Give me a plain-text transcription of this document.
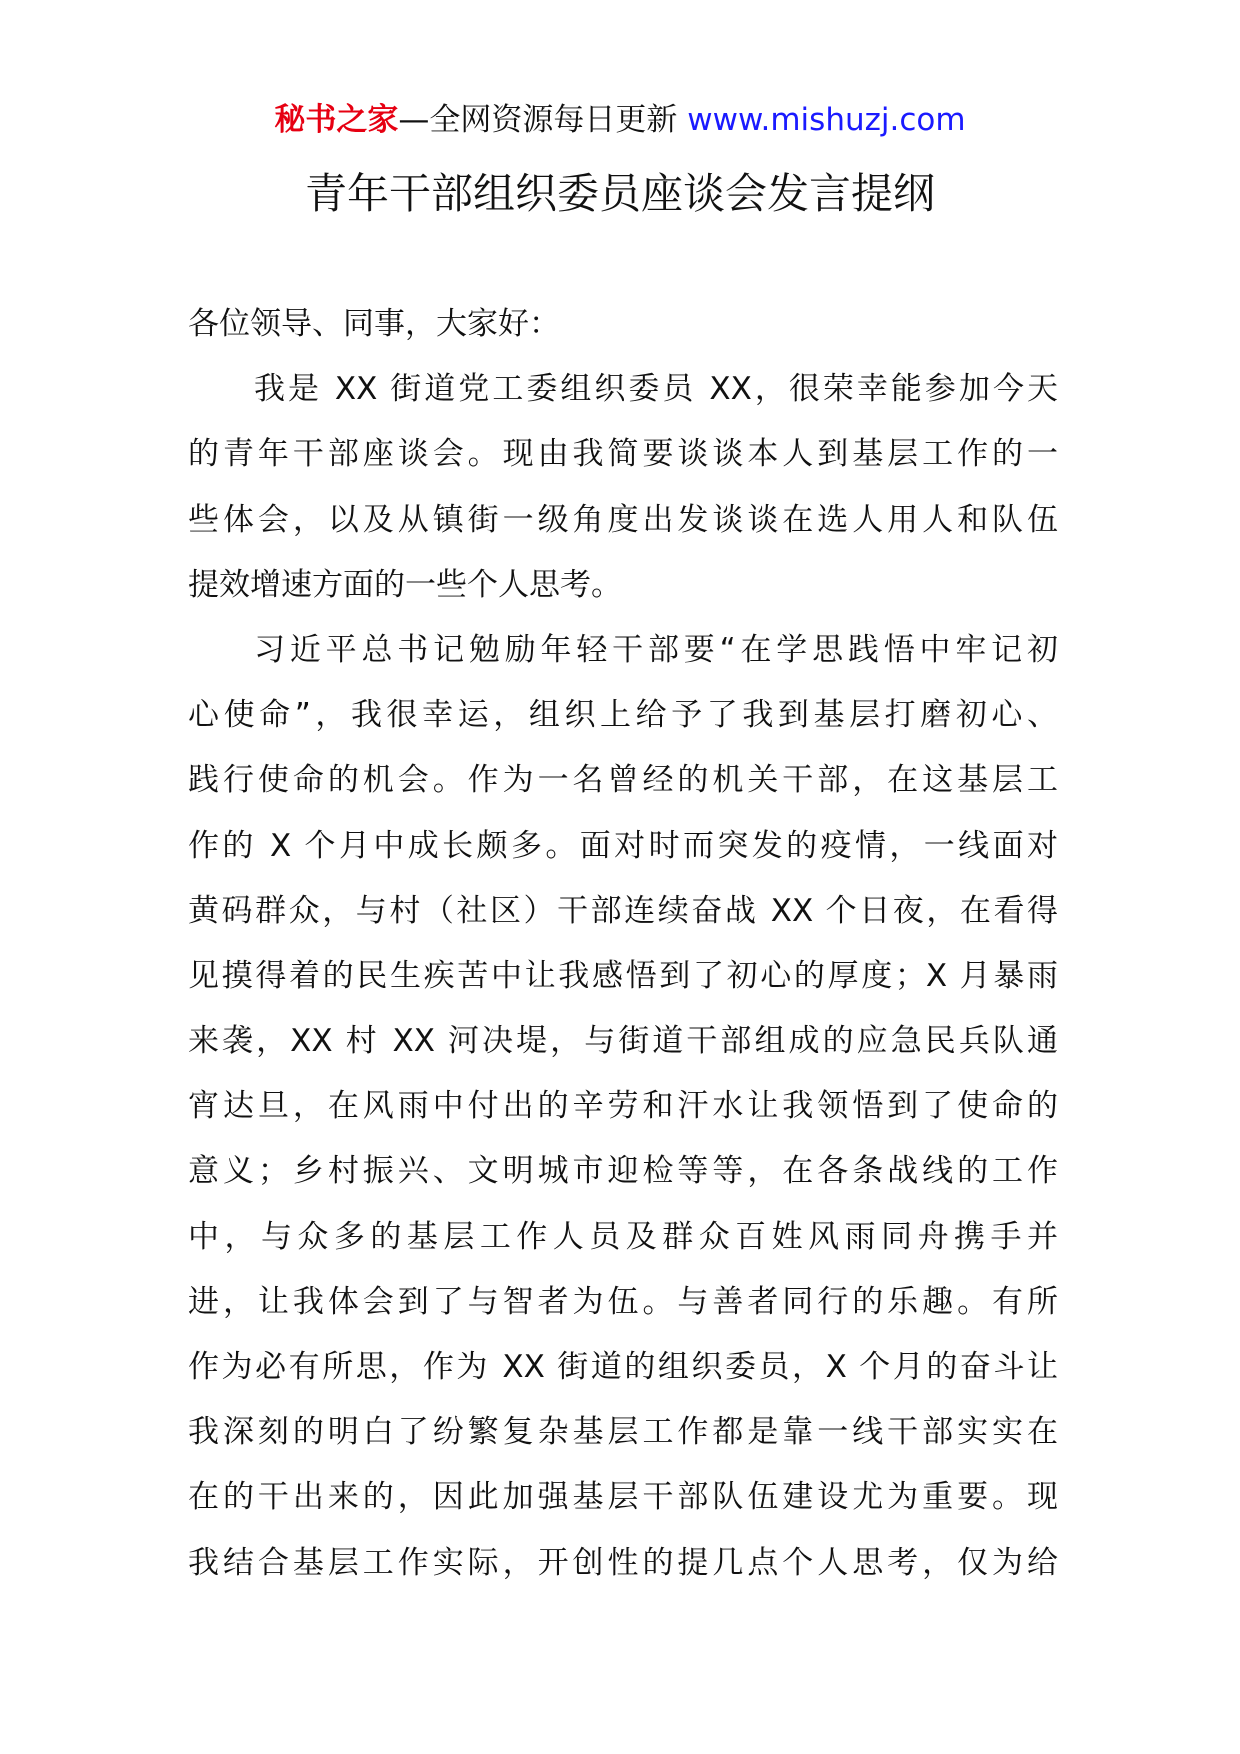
秘书之家—全网资源每日更新 www.mishuzj.com
青年干部组织委员座谈会发言提纲
各位领导、同事，大家好：
我是 XX 街道党工委组织委员 XX，很荣幸能参加今天
的青年干部座谈会。现由我简要谈谈本人到基层工作的一
些体会，以及从镇街一级角度出发谈谈在选人用人和队伍
提效增速方面的一些个人思考。
习近平总书记勉励年轻干部要“在学思践悟中牢记初
心使命”，我很幸运，组织上给予了我到基层打磨初心、
践行使命的机会。作为一名曾经的机关干部，在这基层工
作的 X 个月中成长颇多。面对时而突发的疫情，一线面对
黄码群众，与村（社区）干部连续奋战 XX 个日夜，在看得
见摸得着的民生疾苦中让我感悟到了初心的厚度；X 月暴雨
来袭，XX 村 XX 河决堤，与街道干部组成的应急民兵队通
宵达旦，在风雨中付出的辛劳和汗水让我领悟到了使命的
意义；乡村振兴、文明城市迎检等等，在各条战线的工作
中，与众多的基层工作人员及群众百姓风雨同舟携手并
进，让我体会到了与智者为伍。与善者同行的乐趣。有所
作为必有所思，作为 XX 街道的组织委员，X 个月的奋斗让
我深刻的明白了纷繁复杂基层工作都是靠一线干部实实在
在的干出来的，因此加强基层干部队伍建设尤为重要。现
我结合基层工作实际，开创性的提几点个人思考，仅为给
